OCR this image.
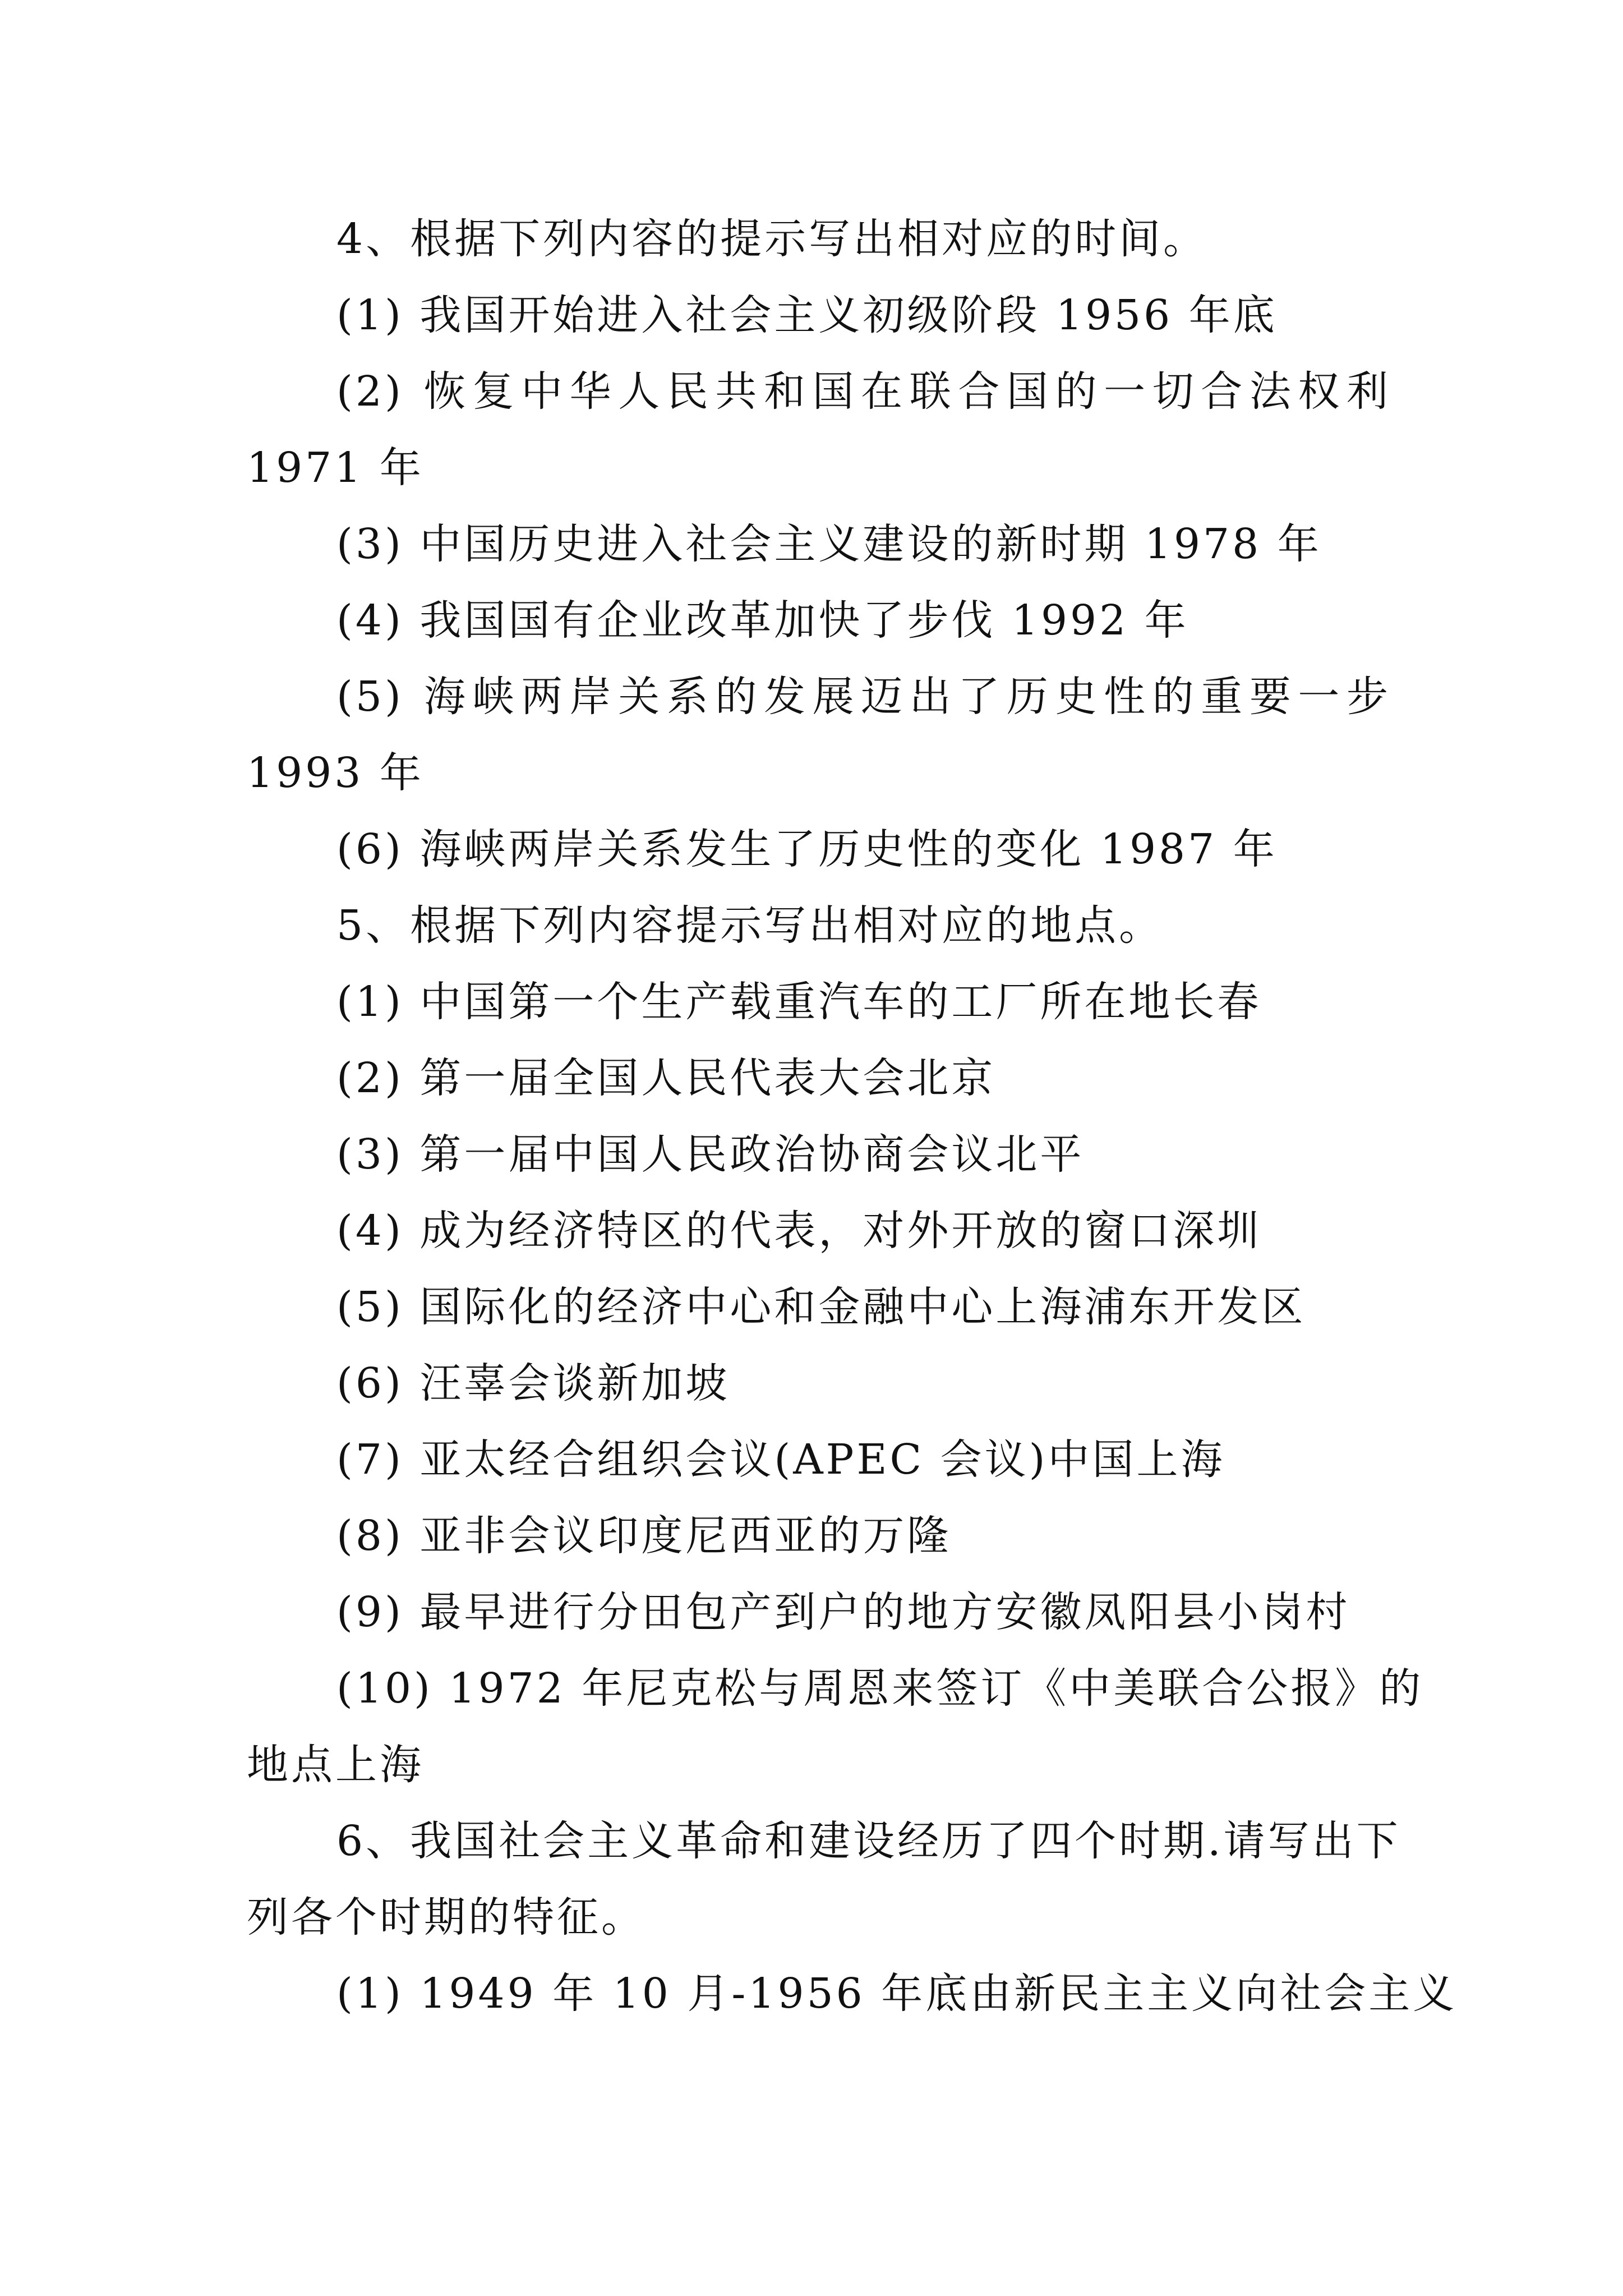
4、根据下列内容的提示写出相对应的时间。
(1) 我国开始进入社会主义初级阶段 1956 年底
(2) 恢复中华人民共和国在联合国的一切合法权利
1971 年
(3) 中国历史进入社会主义建设的新时期 1978 年
(4) 我国国有企业改革加快了步伐 1992 年
(5) 海峡两岸关系的发展迈出了历史性的重要一步
1993 年
(6) 海峡两岸关系发生了历史性的变化 1987 年
5、根据下列内容提示写出相对应的地点。
(1) 中国第一个生产载重汽车的工厂所在地长春
(2) 第一届全国人民代表大会北京
(3) 第一届中国人民政治协商会议北平
(4) 成为经济特区的代表，对外开放的窗口深圳
(5) 国际化的经济中心和金融中心上海浦东开发区
(6) 汪辜会谈新加坡
(7) 亚太经合组织会议(APEC 会议)中国上海
(8) 亚非会议印度尼西亚的万隆
(9) 最早进行分田包产到户的地方安徽凤阳县小岗村
(10) 1972 年尼克松与周恩来签订《中美联合公报》的
地点上海
6、我国社会主义革命和建设经历了四个时期.请写出下
列各个时期的特征。
(1) 1949 年 10 月-1956 年底由新民主主义向社会主义
